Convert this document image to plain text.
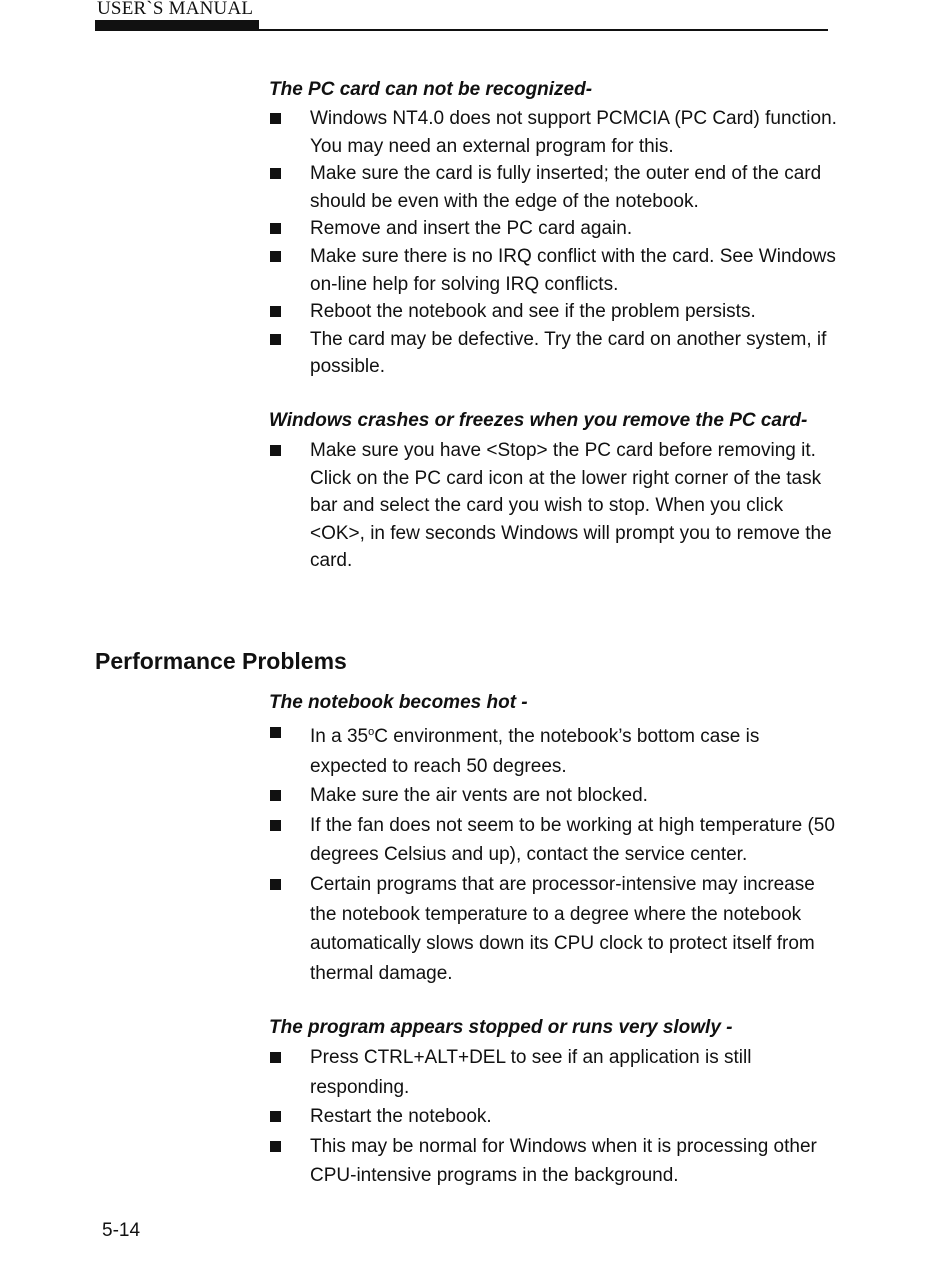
USER`S MANUAL
The PC card can not be recognized-
Windows NT4.0 does not support PCMCIA (PC Card) function. You may need an external program for this.
Make sure the card is fully inserted; the outer end of the card should be even with the edge of the notebook.
Remove and insert the PC card again.
Make sure there is no IRQ conflict with the card. See Windows on-line help for solving IRQ conflicts.
Reboot the notebook and see if the problem persists.
The card may be defective. Try the card on another system, if possible.
Windows crashes or freezes when you remove the PC card-
Make sure you have <Stop> the PC card before removing it. Click on the PC card icon at the lower right corner of the task bar and select the card you wish to stop. When you click <OK>, in few seconds Windows will prompt you to remove the card.
Performance Problems
The notebook becomes hot -
In a 35$^o$C environment, the notebook’s bottom case is expected to reach 50 degrees.
Make sure the air vents are not blocked.
If the fan does not seem to be working at high temperature (50 degrees Celsius and up), contact the service center.
Certain programs that are processor-intensive may increase the notebook temperature to a degree where the notebook automatically slows down its CPU clock to protect itself from thermal damage.
The program appears stopped or runs very slowly -
Press CTRL+ALT+DEL to see if an application is still responding.
Restart the notebook.
This may be normal for Windows when it is processing other CPU-intensive programs in the background.
5-14
